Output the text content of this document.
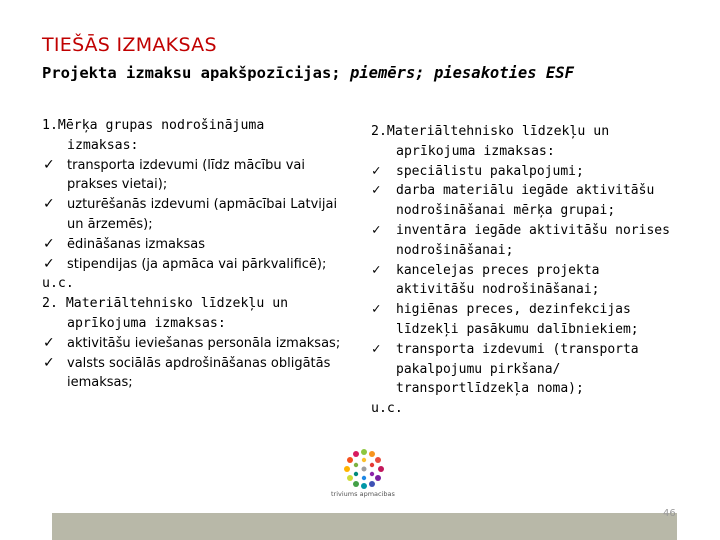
TIEŠĀS IZMAKSAS
Projekta izmaksu apakšpozīcijas; piemērs; piesakoties ESF
1.Mērķa grupas nodrošinājuma
izmaksas:
✓ transporta izdevumi (līdz mācību vai prakses vietai);
✓ uzturēšanās izdevumi (apmācībai Latvijai un ārzemēs);
✓ ēdināšanas izmaksas
✓ stipendijas (ja apmāca vai pārkvalificē);
u.c.
2. Materiāltehnisko līdzekļu un
aprīkojuma izmaksas:
✓ aktivitāšu ieviešanas personāla izmaksas;
✓ valsts sociālās apdrošināšanas obligātās iemaksas;
2.Materiāltehnisko līdzekļu un
aprīkojuma izmaksas:
✓ speciālistu pakalpojumi;
✓ darba materiālu iegāde aktivitāšu nodrošināšanai mērķa grupai;
✓ inventāra iegāde aktivitāšu norises nodrošināšanai;
✓ kancelejas preces projekta aktivitāšu nodrošināšanai;
✓ higiēnas preces, dezinfekcijas līdzekļi pasākumu dalībniekiem;
✓ transporta izdevumi (transporta pakalpojumu pirkšana/ transportlīdzekļa noma);
u.c.
triviums apmacibas
46
